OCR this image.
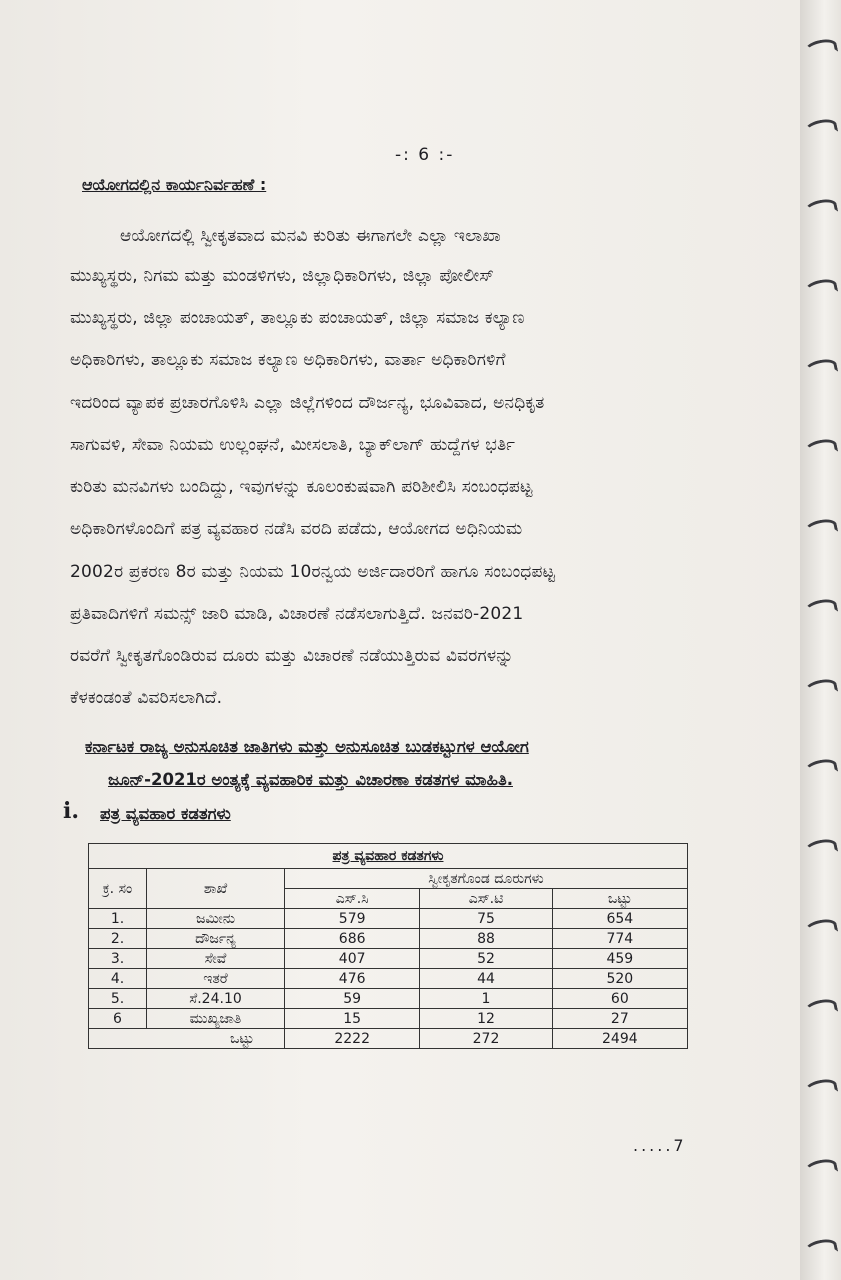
-: 6 :-
ಆಯೋಗದಲ್ಲಿನ ಕಾರ್ಯನಿರ್ವಹಣೆ :
ಆಯೋಗದಲ್ಲಿ ಸ್ವೀಕೃತವಾದ ಮನವಿ ಕುರಿತು ಈಗಾಗಲೇ ಎಲ್ಲಾ ಇಲಾಖಾ
ಮುಖ್ಯಸ್ಥರು, ನಿಗಮ ಮತ್ತು ಮಂಡಳಿಗಳು, ಜಿಲ್ಲಾಧಿಕಾರಿಗಳು, ಜಿಲ್ಲಾ ಪೋಲೀಸ್
ಮುಖ್ಯಸ್ಥರು, ಜಿಲ್ಲಾ ಪಂಚಾಯತ್, ತಾಲ್ಲೂಕು ಪಂಚಾಯತ್, ಜಿಲ್ಲಾ ಸಮಾಜ ಕಲ್ಯಾಣ
ಅಧಿಕಾರಿಗಳು, ತಾಲ್ಲೂಕು ಸಮಾಜ ಕಲ್ಯಾಣ ಅಧಿಕಾರಿಗಳು, ವಾರ್ತಾ ಅಧಿಕಾರಿಗಳಿಗೆ
ಇದರಿಂದ ವ್ಯಾಪಕ ಪ್ರಚಾರಗೊಳಿಸಿ ಎಲ್ಲಾ ಜಿಲ್ಲೆಗಳಿಂದ ದೌರ್ಜನ್ಯ, ಭೂವಿವಾದ, ಅನಧಿಕೃತ
ಸಾಗುವಳಿ, ಸೇವಾ ನಿಯಮ ಉಲ್ಲಂಘನೆ, ಮೀಸಲಾತಿ, ಬ್ಯಾಕ್‌ಲಾಗ್ ಹುದ್ದೆಗಳ ಭರ್ತಿ
ಕುರಿತು ಮನವಿಗಳು ಬಂದಿದ್ದು, ಇವುಗಳನ್ನು ಕೂಲಂಕುಷವಾಗಿ ಪರಿಶೀಲಿಸಿ ಸಂಬಂಧಪಟ್ಟ
ಅಧಿಕಾರಿಗಳೊಂದಿಗೆ ಪತ್ರ ವ್ಯವಹಾರ ನಡೆಸಿ ವರದಿ ಪಡೆದು, ಆಯೋಗದ ಅಧಿನಿಯಮ
2002ರ ಪ್ರಕರಣ 8ರ ಮತ್ತು ನಿಯಮ 10ರನ್ವಯ ಅರ್ಜಿದಾರರಿಗೆ ಹಾಗೂ ಸಂಬಂಧಪಟ್ಟ
ಪ್ರತಿವಾದಿಗಳಿಗೆ ಸಮನ್ಸ್ ಜಾರಿ ಮಾಡಿ, ವಿಚಾರಣೆ ನಡೆಸಲಾಗುತ್ತಿದೆ. ಜನವರಿ-2021
ರವರೆಗೆ ಸ್ವೀಕೃತಗೊಂಡಿರುವ ದೂರು ಮತ್ತು ವಿಚಾರಣೆ ನಡೆಯುತ್ತಿರುವ ವಿವರಗಳನ್ನು
ಕೆಳಕಂಡಂತೆ ವಿವರಿಸಲಾಗಿದೆ.
ಕರ್ನಾಟಕ ರಾಜ್ಯ ಅನುಸೂಚಿತ ಜಾತಿಗಳು ಮತ್ತು ಅನುಸೂಚಿತ ಬುಡಕಟ್ಟುಗಳ ಆಯೋಗ
ಜೂನ್-2021ರ ಅಂತ್ಯಕ್ಕೆ ವ್ಯವಹಾರಿಕ ಮತ್ತು ವಿಚಾರಣಾ ಕಡತಗಳ ಮಾಹಿತಿ.
i. ಪತ್ರ ವ್ಯವಹಾರ ಕಡತಗಳು
ಪತ್ರ ವ್ಯವಹಾರ ಕಡತಗಳು				
ಕ್ರ. ಸಂ	ಶಾಖೆ	ಸ್ವೀಕೃತಗೊಂಡ ದೂರುಗಳು		
		ಎಸ್.ಸಿ	ಎಸ್.ಟಿ	ಒಟ್ಟು
1.	ಜಮೀನು	579	75	654
2.	ದೌರ್ಜನ್ಯ	686	88	774
3.	ಸೇವೆ	407	52	459
4.	ಇತರೆ	476	44	520
5.	ಸೆ.24.10	59	1	60
6	ಮುಖ್ಯಜಾತಿ	15	12	27
ಒಟ್ಟು		2222	272	2494
.....7
